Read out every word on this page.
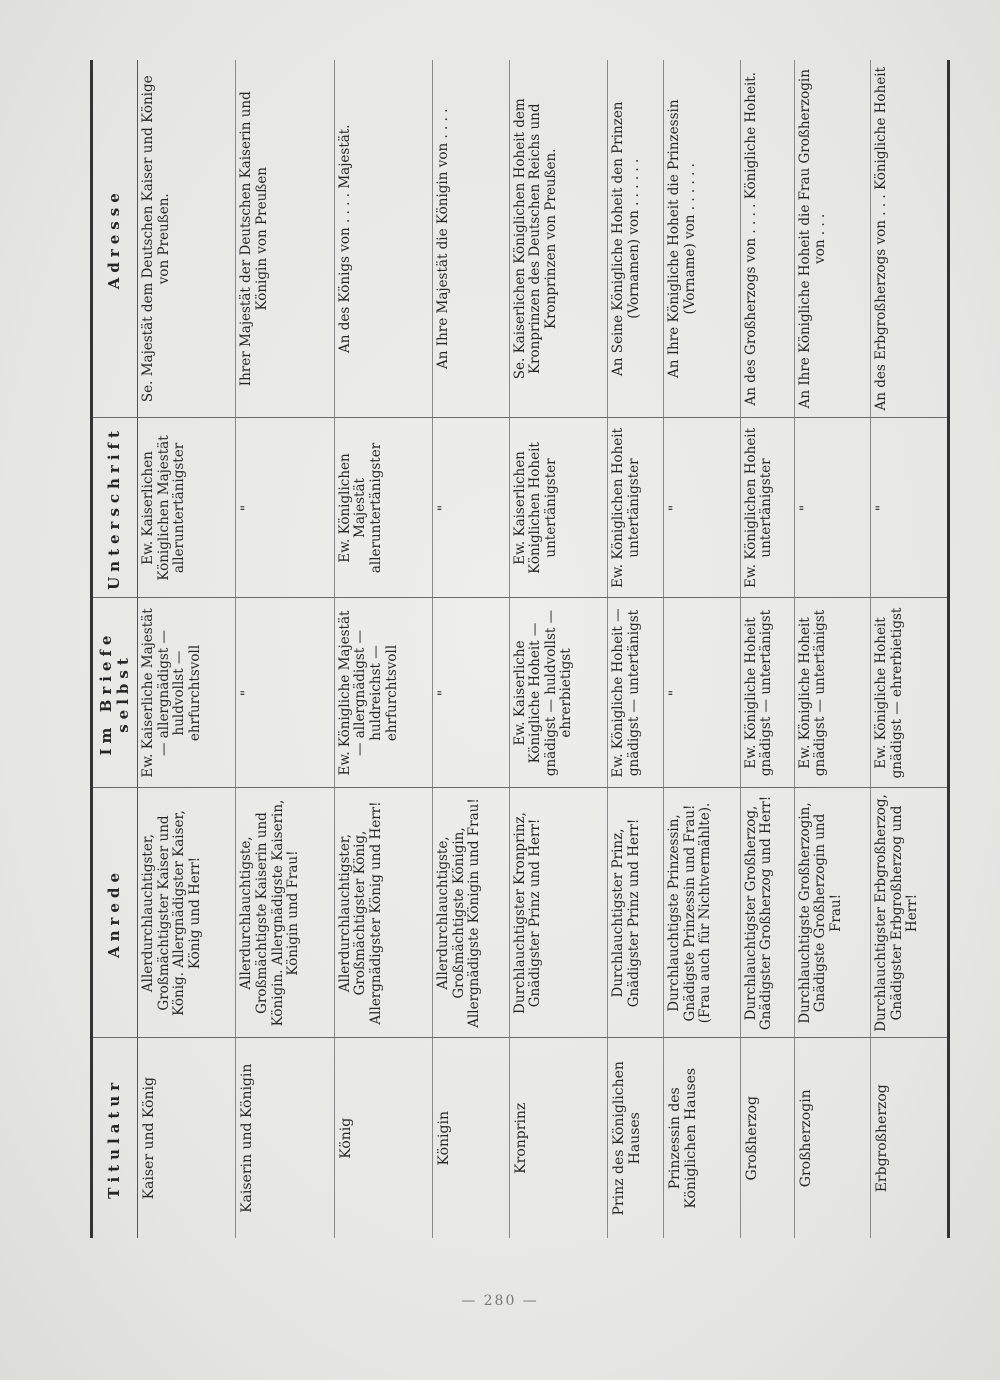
Titulatur	Anrede	Im Briefe selbst	Unterschrift	Adresse
Kaiser und König	Allerdurchlauchtigster, Großmächtigster Kaiser und König. Allergnädigster Kaiser, König und Herr!	Ew. Kaiserliche Majestät — allergnädigst — huldvollst — ehrfurchtsvoll	Ew. Kaiserlichen Königlichen Majestät alleruntertänigster	Se. Majestät dem Deutschen Kaiser und Könige von Preußen.
Kaiserin und Königin	Allerdurchlauchtigste, Großmächtigste Kaiserin und Königin. Allergnädigste Kaiserin, Königin und Frau!	"	"	Ihrer Majestät der Deutschen Kaiserin und Königin von Preußen
König	Allerdurchlauchtigster, Großmächtigster König, Allergnädigster König und Herr!	Ew. Königliche Majestät — allergnädigst — huldreichst — ehrfurchtsvoll	Ew. Königlichen Majestät alleruntertänigster	An des Königs von . . . . Majestät.
Königin	Allerdurchlauchtigste, Großmächtigste Königin, Allergnädigste Königin und Frau!	"	"	An Ihre Majestät die Königin von . . . .
Kronprinz	Durchlauchtigster Kronprinz, Gnädigster Prinz und Herr!	Ew. Kaiserliche Königliche Hoheit — gnädigst — huldvollst — ehrerbietigst	Ew. Kaiserlichen Königlichen Hoheit untertänigster	Se. Kaiserlichen Königlichen Hoheit dem Kronprinzen des Deutschen Reichs und Kronprinzen von Preußen.
Prinz des Königlichen Hauses	Durchlauchtigster Prinz, Gnädigster Prinz und Herr!	Ew. Königliche Hoheit — gnädigst — untertänigst	Ew. Königlichen Hoheit untertänigster	An Seine Königliche Hoheit den Prinzen (Vornamen) von . . . . . .
Prinzessin des Königlichen Hauses	Durchlauchtigste Prinzessin, Gnädigste Prinzessin und Frau! (Frau auch für Nichtvermählte).	"	"	An Ihre Königliche Hoheit die Prinzessin (Vorname) von . . . . . .
Großherzog	Durchlauchtigster Großherzog, Gnädigster Großherzog und Herr!	Ew. Königliche Hoheit gnädigst — untertänigst	Ew. Königlichen Hoheit untertänigster	An des Großherzogs von . . . . Königliche Hoheit.
Großherzogin	Durchlauchtigste Großherzogin, Gnädigste Großherzogin und Frau!	Ew. Königliche Hoheit gnädigst — untertänigst	"	An Ihre Königliche Hoheit die Frau Großherzogin von . . .
Erbgroßherzog	Durchlauchtigster Erbgroßherzog, Gnädigster Erbgroßherzog und Herr!	Ew. Königliche Hoheit gnädigst — ehrerbietigst	"	An des Erbgroßherzogs von . . . Königliche Hoheit
— 280 —
